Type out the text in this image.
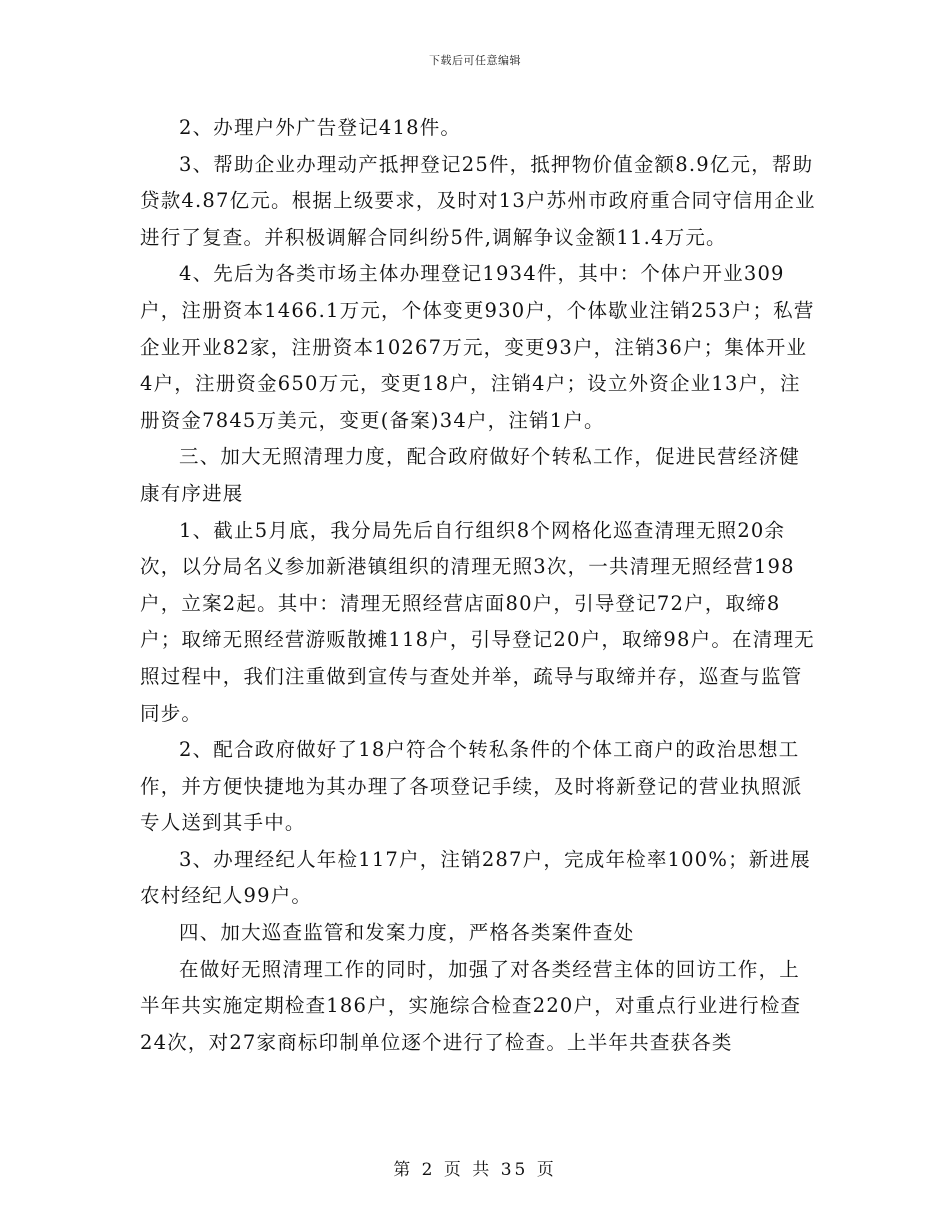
下载后可任意编辑

2、办理户外广告登记418件。

3、帮助企业办理动产抵押登记25件，抵押物价值金额8.9亿元，帮助贷款4.87亿元。根据上级要求，及时对13户苏州市政府重合同守信用企业进行了复查。并积极调解合同纠纷5件,调解争议金额11.4万元。

4、先后为各类市场主体办理登记1934件，其中：个体户开业309户，注册资本1466.1万元，个体变更930户，个体歇业注销253户；私营企业开业82家，注册资本10267万元，变更93户，注销36户；集体开业4户，注册资金650万元，变更18户，注销4户；设立外资企业13户，注册资金7845万美元，变更(备案)34户，注销1户。

三、加大无照清理力度，配合政府做好个转私工作，促进民营经济健康有序进展

1、截止5月底，我分局先后自行组织8个网格化巡查清理无照20余次，以分局名义参加新港镇组织的清理无照3次，一共清理无照经营198户，立案2起。其中：清理无照经营店面80户，引导登记72户，取缔8户；取缔无照经营游贩散摊118户，引导登记20户，取缔98户。在清理无照过程中，我们注重做到宣传与查处并举，疏导与取缔并存，巡查与监管同步。

2、配合政府做好了18户符合个转私条件的个体工商户的政治思想工作，并方便快捷地为其办理了各项登记手续，及时将新登记的营业执照派专人送到其手中。

3、办理经纪人年检117户，注销287户，完成年检率100%；新进展农村经纪人99户。

四、加大巡查监管和发案力度，严格各类案件查处

在做好无照清理工作的同时，加强了对各类经营主体的回访工作，上半年共实施定期检查186户，实施综合检查220户，对重点行业进行检查24次，对27家商标印制单位逐个进行了检查。上半年共查获各类

第 2 页 共 35 页
